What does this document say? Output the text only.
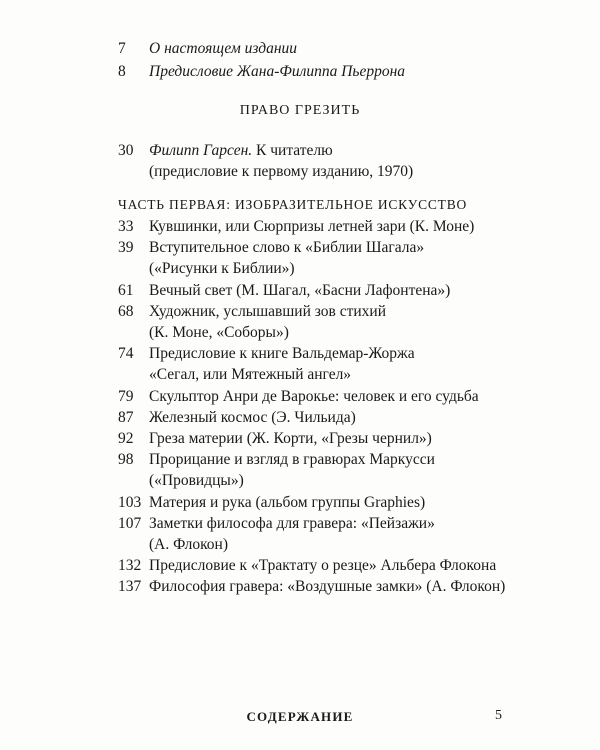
7	О настоящем издании
8	Предисловие Жана-Филиппа Пьеррона
ПРАВО ГРЕЗИТЬ
30	Филипп Гарсен. К читателю
(предисловие к первому изданию, 1970)
ЧАСТЬ ПЕРВАЯ: ИЗОБРАЗИТЕЛЬНОЕ ИСКУССТВО
33	Кувшинки, или Сюрпризы летней зари (К. Моне)
39	Вступительное слово к «Библии Шагала»
(«Рисунки к Библии»)
61	Вечный свет (М. Шагал, «Басни Лафонтена»)
68	Художник, услышавший зов стихий
(К. Моне, «Соборы»)
74	Предисловие к книге Вальдемар-Жоржа
«Сегал, или Мятежный ангел»
79	Скульптор Анри де Варокье: человек и его судьба
87	Железный космос (Э. Чильида)
92	Греза материи (Ж. Корти, «Грезы чернил»)
98	Прорицание и взгляд в гравюрах Маркусси
(«Провидцы»)
103 Материя и рука (альбом группы Graphies)
107 Заметки философа для гравера: «Пейзажи»
(А. Флокон)
132 Предисловие к «Трактату о резце» Альбера Флокона
137 Философия гравера: «Воздушные замки» (А. Флокон)
СОДЕРЖАНИЕ	5
